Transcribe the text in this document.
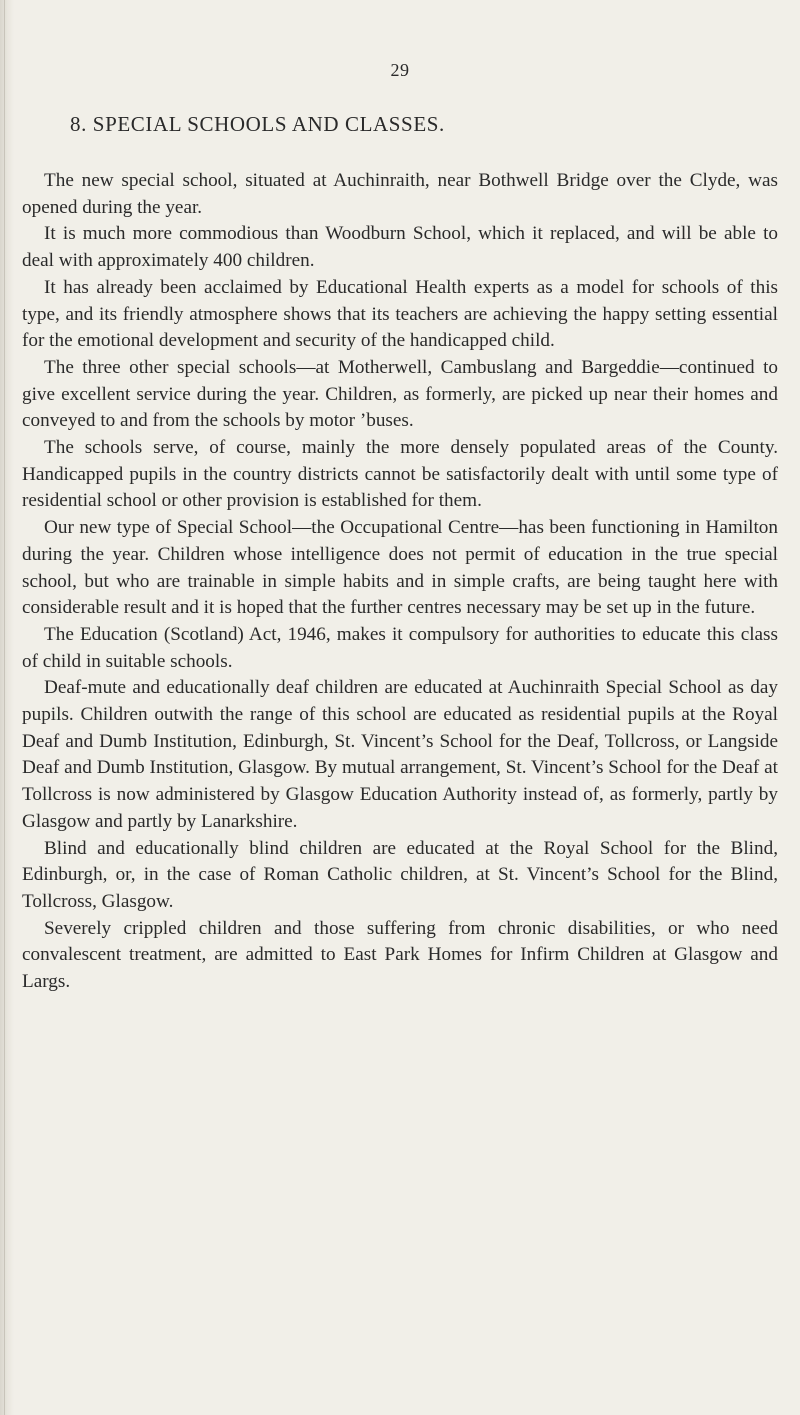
29
8. SPECIAL SCHOOLS AND CLASSES.

The new special school, situated at Auchinraith, near Bothwell Bridge over the Clyde, was opened during the year.

It is much more commodious than Woodburn School, which it replaced, and will be able to deal with approximately 400 children.

It has already been acclaimed by Educational Health experts as a model for schools of this type, and its friendly atmosphere shows that its teachers are achieving the happy setting essential for the emotional development and security of the handicapped child.

The three other special schools—at Motherwell, Cambuslang and Bargeddie—continued to give excellent service during the year. Children, as formerly, are picked up near their homes and conveyed to and from the schools by motor ’buses.

The schools serve, of course, mainly the more densely populated areas of the County. Handicapped pupils in the country districts cannot be satisfactorily dealt with until some type of residential school or other provision is established for them.

Our new type of Special School—the Occupational Centre—has been functioning in Hamilton during the year. Children whose intelligence does not permit of education in the true special school, but who are trainable in simple habits and in simple crafts, are being taught here with considerable result and it is hoped that the further centres necessary may be set up in the future.

The Education (Scotland) Act, 1946, makes it compulsory for authorities to educate this class of child in suitable schools.

Deaf-mute and educationally deaf children are educated at Auchinraith Special School as day pupils. Children outwith the range of this school are educated as residential pupils at the Royal Deaf and Dumb Institution, Edinburgh, St. Vincent’s School for the Deaf, Tollcross, or Langside Deaf and Dumb Institution, Glasgow. By mutual arrangement, St. Vincent’s School for the Deaf at Tollcross is now administered by Glasgow Education Authority instead of, as formerly, partly by Glasgow and partly by Lanarkshire.

Blind and educationally blind children are educated at the Royal School for the Blind, Edinburgh, or, in the case of Roman Catholic children, at St. Vincent’s School for the Blind, Tollcross, Glasgow.

Severely crippled children and those suffering from chronic disabilities, or who need convalescent treatment, are admitted to East Park Homes for Infirm Children at Glasgow and Largs.
